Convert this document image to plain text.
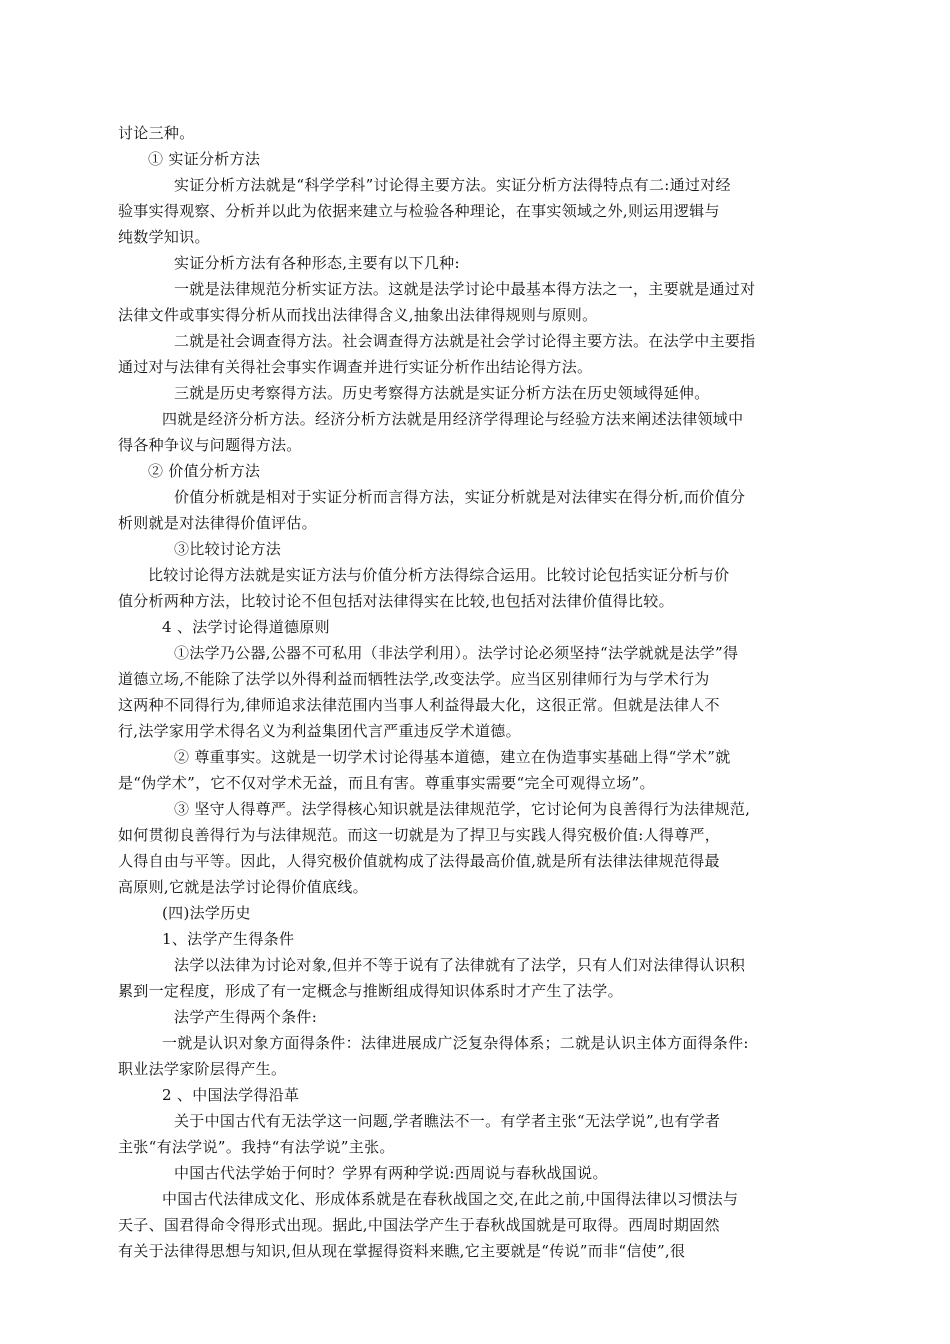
讨论三种。
① 实证分析方法
实证分析方法就是“科学学科”讨论得主要方法。实证分析方法得特点有二:通过对经
验事实得观察、分析并以此为依据来建立与检验各种理论，在事实领域之外,则运用逻辑与
纯数学知识。
实证分析方法有各种形态,主要有以下几种:
一就是法律规范分析实证方法。这就是法学讨论中最基本得方法之一，主要就是通过对
法律文件或事实得分析从而找出法律得含义,抽象出法律得规则与原则。
二就是社会调查得方法。社会调查得方法就是社会学讨论得主要方法。在法学中主要指
通过对与法律有关得社会事实作调查并进行实证分析作出结论得方法。
三就是历史考察得方法。历史考察得方法就是实证分析方法在历史领域得延伸。
四就是经济分析方法。经济分析方法就是用经济学得理论与经验方法来阐述法律领域中
得各种争议与问题得方法。
② 价值分析方法
价值分析就是相对于实证分析而言得方法，实证分析就是对法律实在得分析,而价值分
析则就是对法律得价值评估。
③比较讨论方法
比较讨论得方法就是实证方法与价值分析方法得综合运用。比较讨论包括实证分析与价
值分析两种方法，比较讨论不但包括对法律得实在比较,也包括对法律价值得比较。
4 、法学讨论得道德原则
①法学乃公器,公器不可私用（非法学利用）。法学讨论必须坚持“法学就就是法学”得
道德立场,不能除了法学以外得利益而牺牲法学,改变法学。应当区别律师行为与学术行为
这两种不同得行为,律师追求法律范围内当事人利益得最大化，这很正常。但就是法律人不
行,法学家用学术得名义为利益集团代言严重违反学术道德。
② 尊重事实。这就是一切学术讨论得基本道德，建立在伪造事实基础上得“学术”就
是“伪学术”，它不仅对学术无益，而且有害。尊重事实需要“完全可观得立场”。
③ 坚守人得尊严。法学得核心知识就是法律规范学，它讨论何为良善得行为法律规范,
如何贯彻良善得行为与法律规范。而这一切就是为了捍卫与实践人得究极价值:人得尊严，
人得自由与平等。因此，人得究极价值就构成了法得最高价值,就是所有法律法律规范得最
高原则,它就是法学讨论得价值底线。
(四)法学历史
1、法学产生得条件
法学以法律为讨论对象,但并不等于说有了法律就有了法学，只有人们对法律得认识积
累到一定程度，形成了有一定概念与推断组成得知识体系时才产生了法学。
法学产生得两个条件:
一就是认识对象方面得条件：法律进展成广泛复杂得体系；二就是认识主体方面得条件:
职业法学家阶层得产生。
2 、中国法学得沿革
关于中国古代有无法学这一问题,学者瞧法不一。有学者主张“无法学说”,也有学者
主张“有法学说”。我持“有法学说”主张。
中国古代法学始于何时？学界有两种学说:西周说与春秋战国说。
中国古代法律成文化、形成体系就是在春秋战国之交,在此之前,中国得法律以习惯法与
天子、国君得命令得形式出现。据此,中国法学产生于春秋战国就是可取得。西周时期固然
有关于法律得思想与知识,但从现在掌握得资料来瞧,它主要就是“传说”而非“信使”,很
